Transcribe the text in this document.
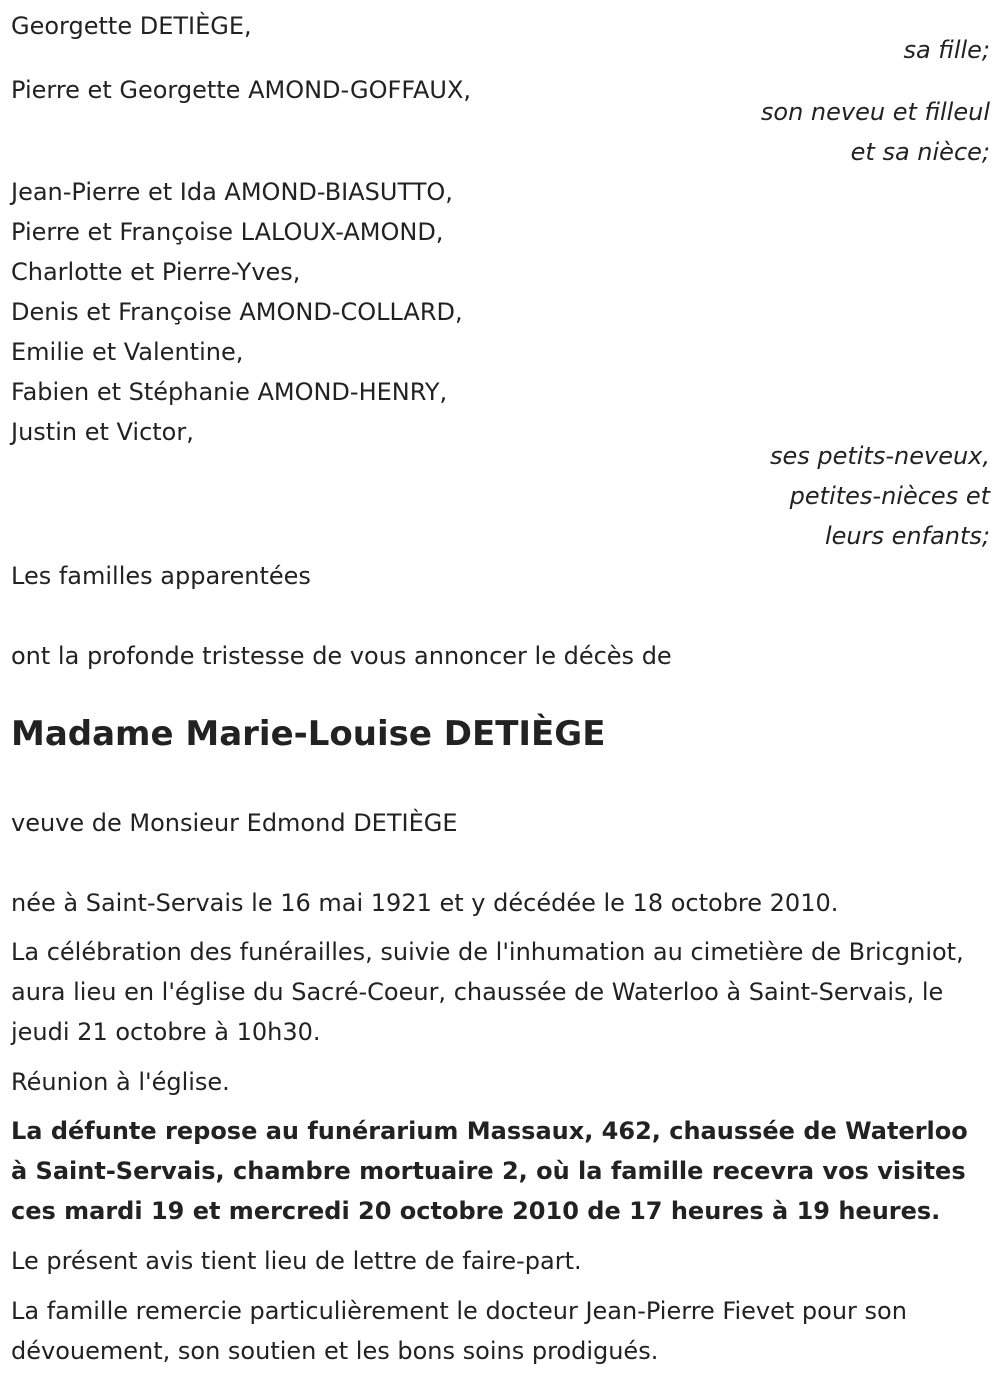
Georgette DETIÈGE,
sa fille;
Pierre et Georgette AMOND-GOFFAUX,
son neveu et filleul
et sa nièce;
Jean-Pierre et Ida AMOND-BIASUTTO,
Pierre et Françoise LALOUX-AMOND,
Charlotte et Pierre-Yves,
Denis et Françoise AMOND-COLLARD,
Emilie et Valentine,
Fabien et Stéphanie AMOND-HENRY,
Justin et Victor,
ses petits-neveux,
petites-nièces et
leurs enfants;
Les familles apparentées
ont la profonde tristesse de vous annoncer le décès de
Madame Marie-Louise DETIÈGE
veuve de Monsieur Edmond DETIÈGE
née à Saint-Servais le 16 mai 1921 et y décédée le 18 octobre 2010.
La célébration des funérailles, suivie de l'inhumation au cimetière de Bricgniot, aura lieu en l'église du Sacré-Coeur, chaussée de Waterloo à Saint-Servais, le jeudi 21 octobre à 10h30.
Réunion à l'église.
La défunte repose au funérarium Massaux, 462, chaussée de Waterloo à Saint-Servais, chambre mortuaire 2, où la famille recevra vos visites ces mardi 19 et mercredi 20 octobre 2010 de 17 heures à 19 heures.
Le présent avis tient lieu de lettre de faire-part.
La famille remercie particulièrement le docteur Jean-Pierre Fievet pour son dévouement, son soutien et les bons soins prodigués.
